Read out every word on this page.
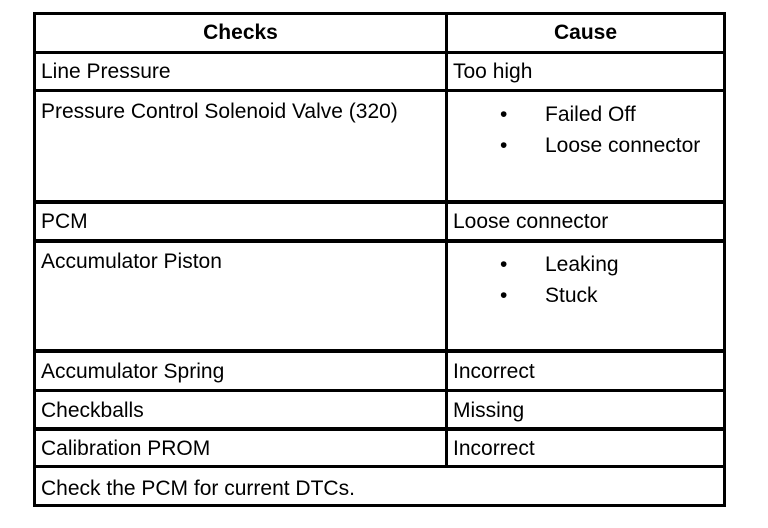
Checks	Cause
Line Pressure	Too high
Pressure Control Solenoid Valve (320)	• Failed Off
• Loose connector
PCM	Loose connector
Accumulator Piston	• Leaking
• Stuck
Accumulator Spring	Incorrect
Checkballs	Missing
Calibration PROM	Incorrect
Check the PCM for current DTCs.
